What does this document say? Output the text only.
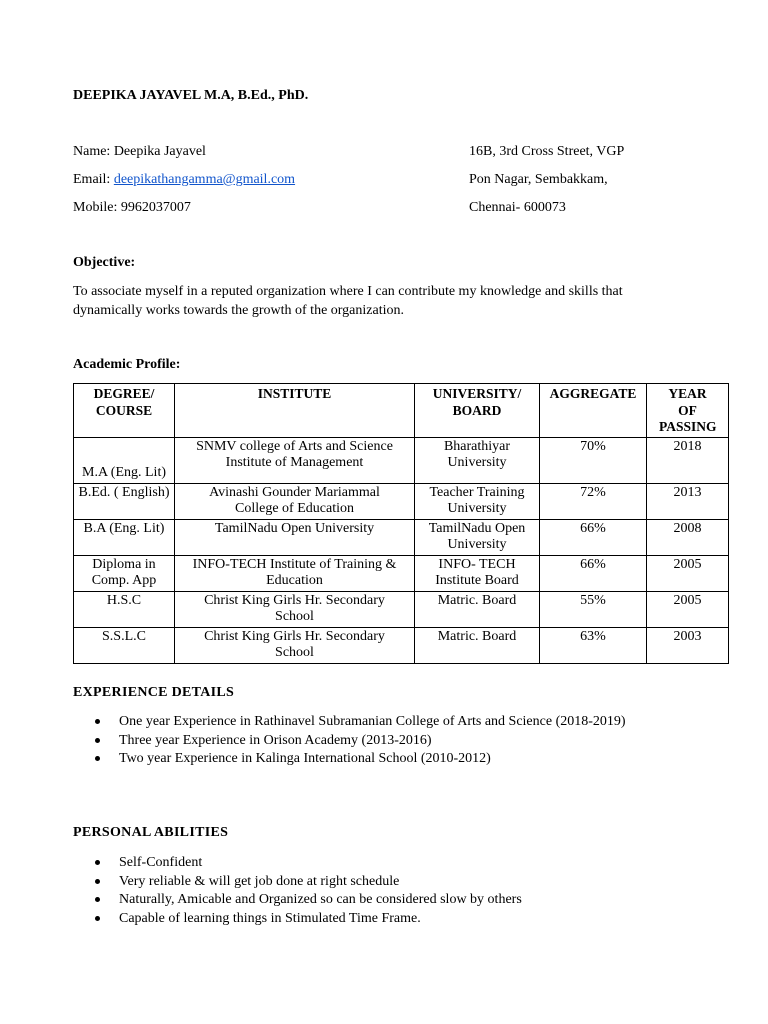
DEEPIKA JAYAVEL M.A, B.Ed., PhD.
Name: Deepika Jayavel
Email: deepikathangamma@gmail.com
Mobile: 9962037007
16B, 3rd Cross Street, VGP
Pon Nagar, Sembakkam,
Chennai- 600073
Objective:
To associate myself in a reputed organization where I can contribute my knowledge and skills that dynamically works towards the growth of the organization.
Academic Profile:
DEGREE/ COURSE	INSTITUTE	UNIVERSITY/ BOARD	AGGREGATE	YEAR OF PASSING
M.A (Eng. Lit)	SNMV college of Arts and Science Institute of Management	Bharathiyar University	70%	2018
B.Ed. ( English)	Avinashi Gounder Mariammal College of Education	Teacher Training University	72%	2013
B.A (Eng. Lit)	TamilNadu Open University	TamilNadu Open University	66%	2008
Diploma in Comp. App	INFO-TECH Institute of Training & Education	INFO- TECH Institute Board	66%	2005
H.S.C	Christ King Girls Hr. Secondary School	Matric. Board	55%	2005
S.S.L.C	Christ King Girls Hr. Secondary School	Matric. Board	63%	2003
EXPERIENCE DETAILS
One year Experience in Rathinavel Subramanian College of Arts and Science (2018-2019)
Three year Experience in Orison Academy (2013-2016)
Two year Experience in Kalinga International School (2010-2012)
PERSONAL ABILITIES
Self-Confident
Very reliable & will get job done at right schedule
Naturally, Amicable and Organized so can be considered slow by others
Capable of learning things in Stimulated Time Frame.
